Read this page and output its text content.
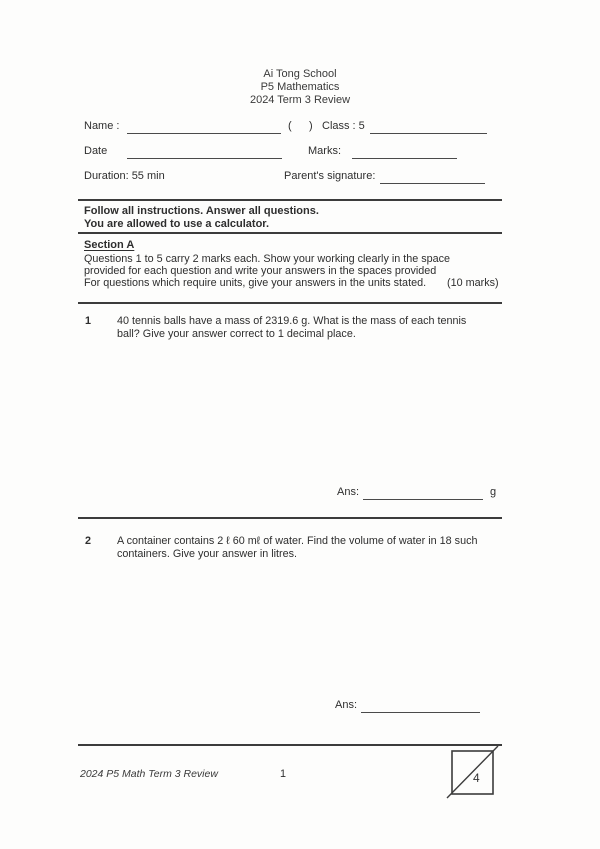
Ai Tong School
P5 Mathematics
2024 Term 3 Review
Name :	( ) Class : 5
Date	Marks:
Duration: 55 min	Parent's signature:
Follow all instructions. Answer all questions.
You are allowed to use a calculator.
Section A
Questions 1 to 5 carry 2 marks each. Show your working clearly in the space
provided for each question and write your answers in the spaces provided
For questions which require units, give your answers in the units stated. (10 marks)
1 40 tennis balls have a mass of 2319.6 g. What is the mass of each tennis
ball? Give your answer correct to 1 decimal place.
Ans:	g
2 A container contains 2 ℓ 60 mℓ of water. Find the volume of water in 18 such
containers. Give your answer in litres.
Ans:
2024 P5 Math Term 3 Review	1	4
